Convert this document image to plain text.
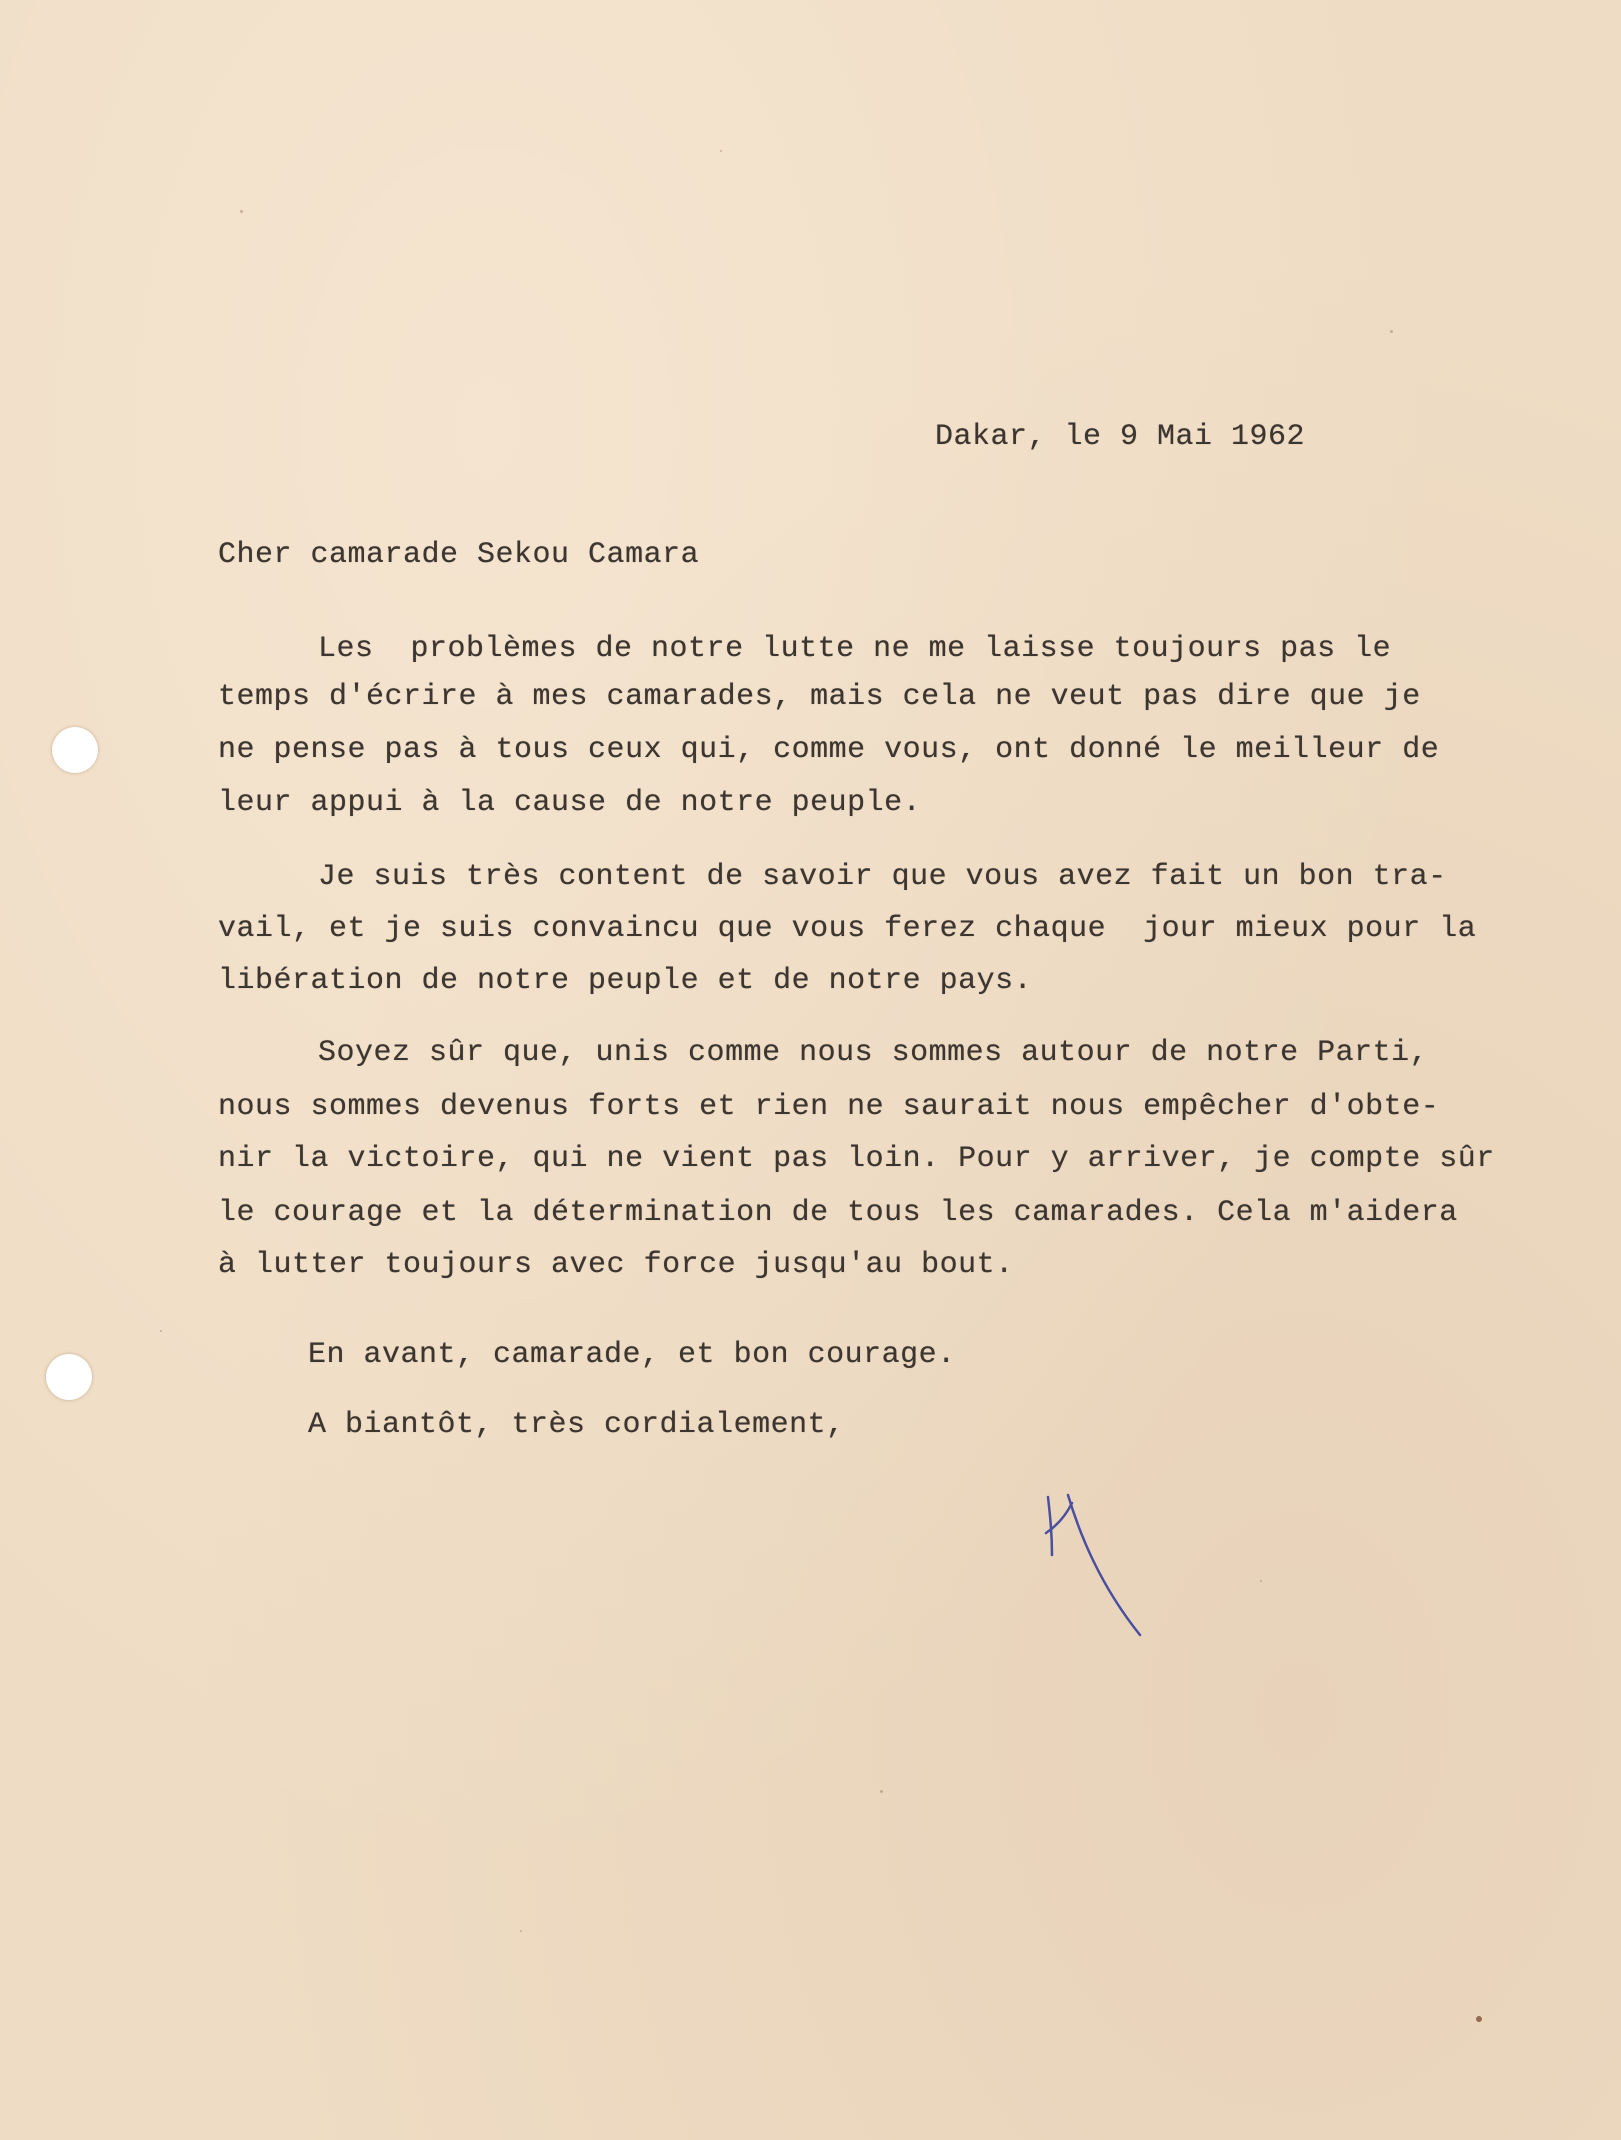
Dakar, le 9 Mai 1962
Cher camarade Sekou Camara
Les  problèmes de notre lutte ne me laisse toujours pas le
temps d'écrire à mes camarades, mais cela ne veut pas dire que je
ne pense pas à tous ceux qui, comme vous, ont donné le meilleur de
leur appui à la cause de notre peuple.
Je suis très content de savoir que vous avez fait un bon tra-
vail, et je suis convaincu que vous ferez chaque  jour mieux pour la
libération de notre peuple et de notre pays.
Soyez sûr que, unis comme nous sommes autour de notre Parti,
nous sommes devenus forts et rien ne saurait nous empêcher d'obte-
nir la victoire, qui ne vient pas loin. Pour y arriver, je compte sûr
le courage et la détermination de tous les camarades. Cela m'aidera
à lutter toujours avec force jusqu'au bout.
En avant, camarade, et bon courage.
A biantôt, très cordialement,
